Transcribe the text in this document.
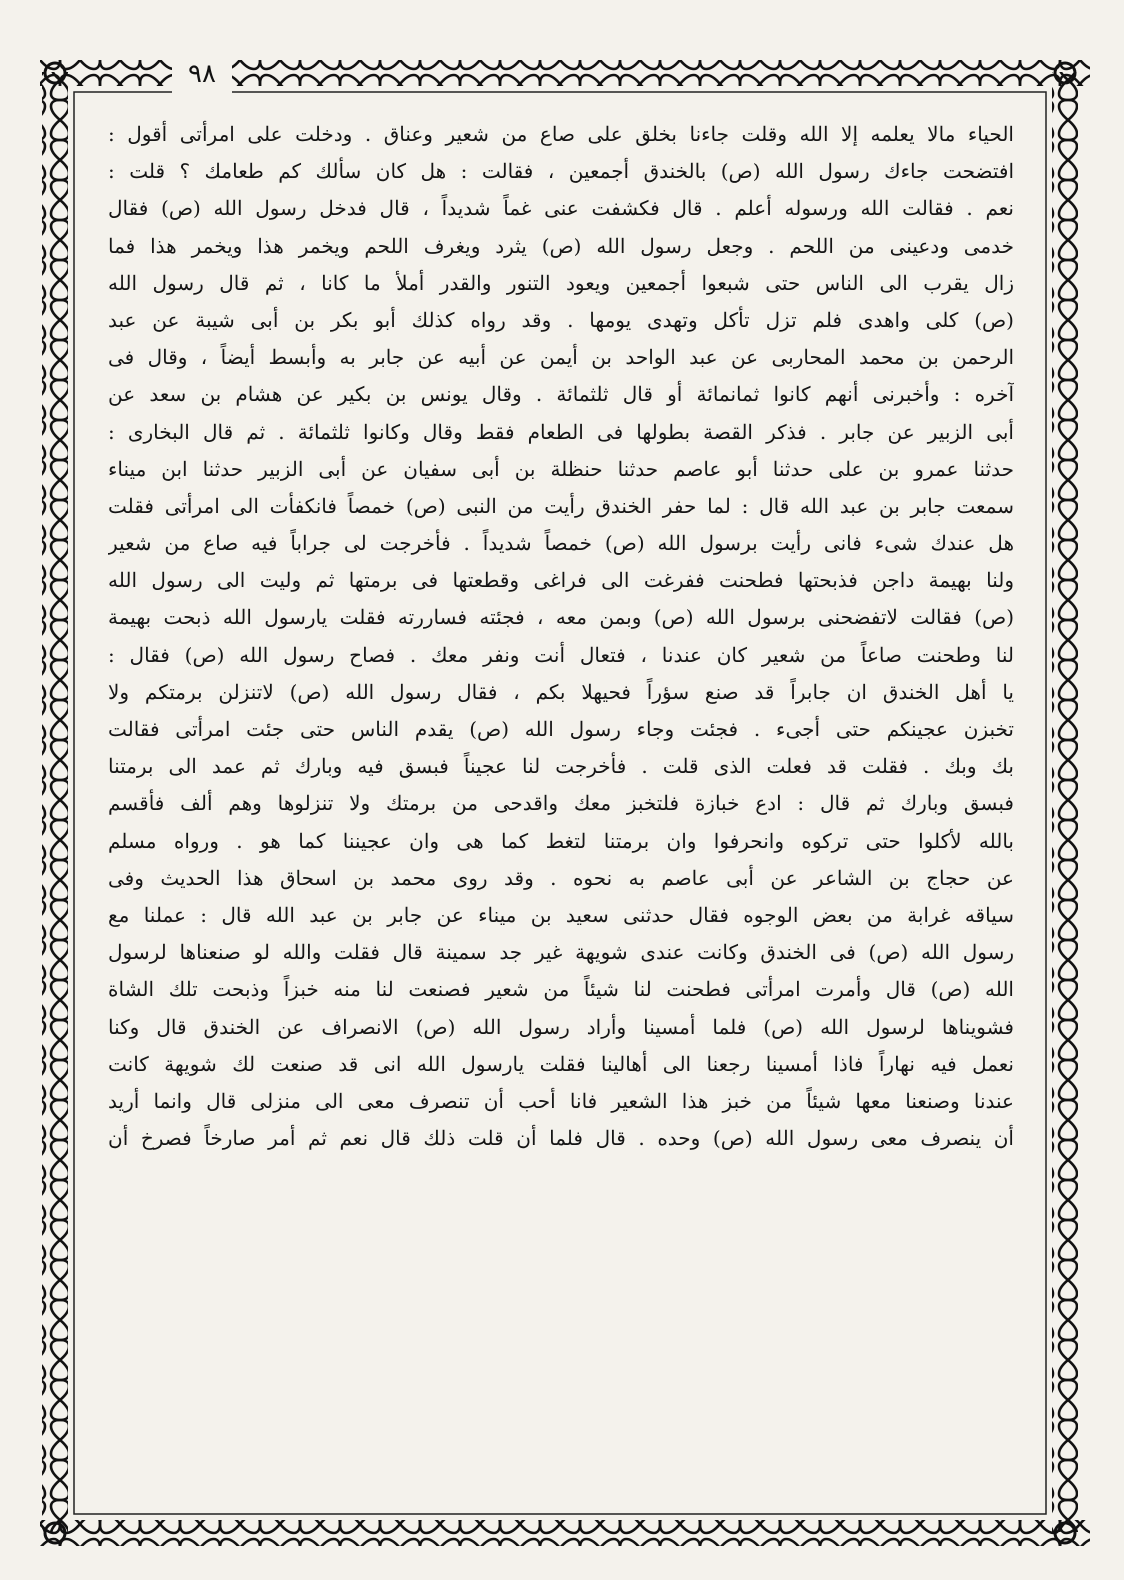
٩٨
الحياء مالا يعلمه إلا الله وقلت جاءنا بخلق على صاع من شعير وعناق . ودخلت على امرأتى أقول :
افتضحت جاءك رسول الله (ص) بالخندق أجمعين ، فقالت : هل كان سألك كم طعامك ؟ قلت :
نعم . فقالت الله ورسوله أعلم . قال فكشفت عنى غماً شديداً ، قال فدخل رسول الله (ص) فقال
خدمى ودعينى من اللحم . وجعل رسول الله (ص) يثرد ويغرف اللحم ويخمر هذا ويخمر هذا فما
زال يقرب الى الناس حتى شبعوا أجمعين ويعود التنور والقدر أملأ ما كانا ، ثم قال رسول الله
(ص) كلى واهدى فلم تزل تأكل وتهدى يومها . وقد رواه كذلك أبو بكر بن أبى شيبة عن عبد
الرحمن بن محمد المحاربى عن عبد الواحد بن أيمن عن أبيه عن جابر به وأبسط أيضاً ، وقال فى
آخره : وأخبرنى أنهم كانوا ثمانمائة أو قال ثلثمائة . وقال يونس بن بكير عن هشام بن سعد عن
أبى الزبير عن جابر . فذكر القصة بطولها فى الطعام فقط وقال وكانوا ثلثمائة . ثم قال البخارى :
حدثنا عمرو بن على حدثنا أبو عاصم حدثنا حنظلة بن أبى سفيان عن أبى الزبير حدثنا ابن ميناء
سمعت جابر بن عبد الله قال : لما حفر الخندق رأيت من النبى (ص) خمصاً فانكفأت الى امرأتى فقلت
هل عندك شىء فانى رأيت برسول الله (ص) خمصاً شديداً . فأخرجت لى جراباً فيه صاع من شعير
ولنا بهيمة داجن فذبحتها فطحنت ففرغت الى فراغى وقطعتها فى برمتها ثم وليت الى رسول الله
(ص) فقالت لاتفضحنى برسول الله (ص) وبمن معه ، فجئته فساررته فقلت يارسول الله ذبحت بهيمة
لنا وطحنت صاعاً من شعير كان عندنا ، فتعال أنت ونفر معك . فصاح رسول الله (ص) فقال :
يا أهل الخندق ان جابراً قد صنع سؤراً فحيهلا بكم ، فقال رسول الله (ص) لاتنزلن برمتكم ولا
تخبزن عجينكم حتى أجىء . فجئت وجاء رسول الله (ص) يقدم الناس حتى جئت امرأتى فقالت
بك وبك . فقلت قد فعلت الذى قلت . فأخرجت لنا عجيناً فبسق فيه وبارك ثم عمد الى برمتنا
فبسق وبارك ثم قال : ادع خبازة فلتخبز معك واقدحى من برمتك ولا تنزلوها وهم ألف فأقسم
بالله لأكلوا حتى تركوه وانحرفوا وان برمتنا لتغط كما هى وان عجيننا كما هو . ورواه مسلم
عن حجاج بن الشاعر عن أبى عاصم به نحوه . وقد روى محمد بن اسحاق هذا الحديث وفى
سياقه غرابة من بعض الوجوه فقال حدثنى سعيد بن ميناء عن جابر بن عبد الله قال : عملنا مع
رسول الله (ص) فى الخندق وكانت عندى شويهة غير جد سمينة قال فقلت والله لو صنعناها لرسول
الله (ص) قال وأمرت امرأتى فطحنت لنا شيئاً من شعير فصنعت لنا منه خبزاً وذبحت تلك الشاة
فشويناها لرسول الله (ص) فلما أمسينا وأراد رسول الله (ص) الانصراف عن الخندق قال وكنا
نعمل فيه نهاراً فاذا أمسينا رجعنا الى أهالينا فقلت يارسول الله انى قد صنعت لك شويهة كانت
عندنا وصنعنا معها شيئاً من خبز هذا الشعير فانا أحب أن تنصرف معى الى منزلى قال وانما أريد
أن ينصرف معى رسول الله (ص) وحده . قال فلما أن قلت ذلك قال نعم ثم أمر صارخاً فصرخ أن
